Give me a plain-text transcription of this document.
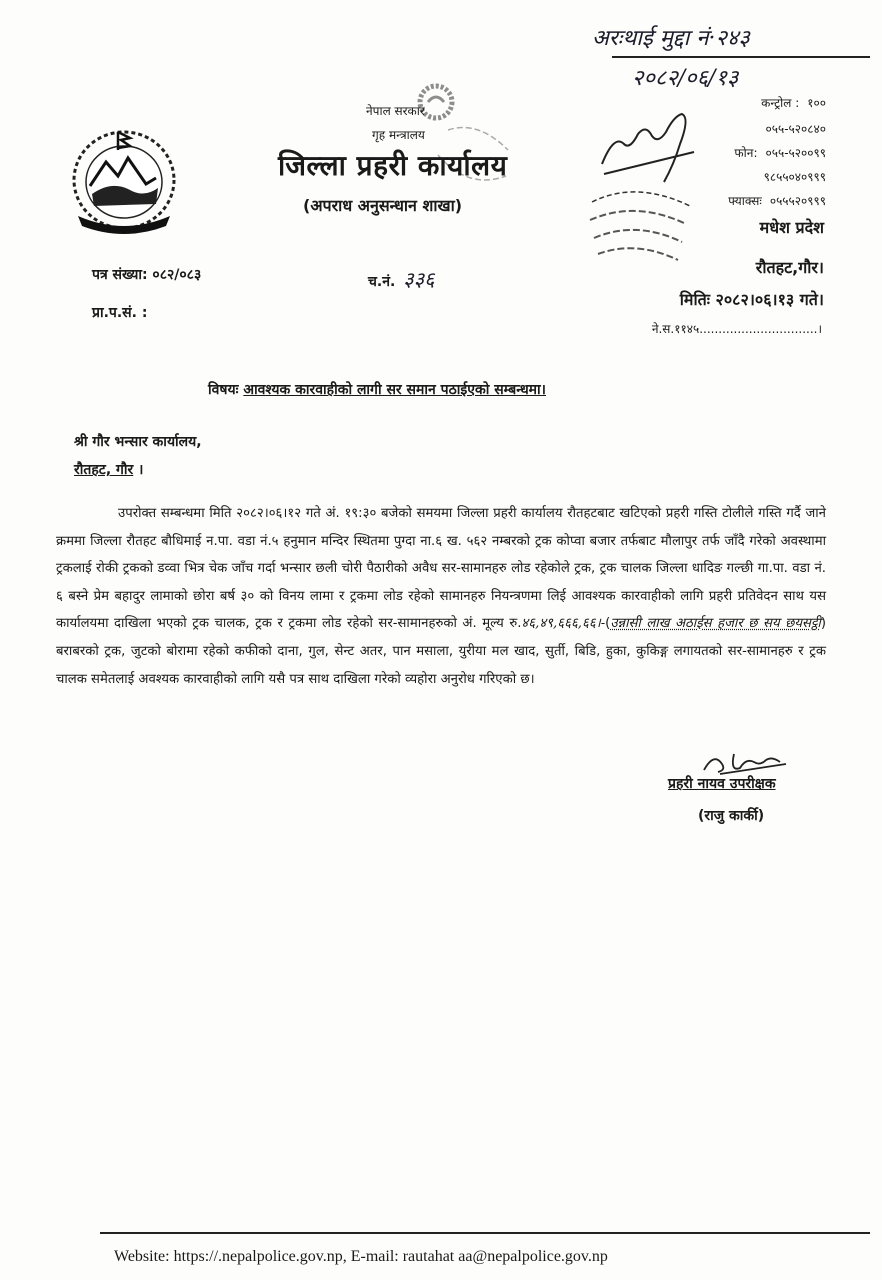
नेपाल सरकार
गृह मन्त्रालय
जिल्ला प्रहरी कार्यालय
(अपराध अनुसन्धान शाखा)
अरःथाई मुद्दा नं·२४३
२०८२/०६/१३
कन्ट्रोल : १००
०५५-५२०८४०
फोन: ०५५-५२००९९
९८५५०४०९९९
फ्याक्सः ०५५५२०९९९
मधेश प्रदेश
रौतहट,गौर।
मितिः २०८२।०६।१३ गते।
ने.स.११४५...............................।
पत्र संख्या: ०८२/०८३
प्रा.प.सं. :
च.नं. ३३६
विषयः आवश्यक कारवाहीको लागी सर समान पठाईएको सम्बन्धमा।
श्री गौर भन्सार कार्यालय,
रौतहट, गौर ।

उपरोक्त सम्बन्धमा मिति २०८२।०६।१२ गते अं. १९:३० बजेको समयमा जिल्ला प्रहरी कार्यालय रौतहटबाट खटिएको प्रहरी गस्ति टोलीले गस्ति गर्दै जाने क्रममा जिल्ला रौतहट बौधिमाई न.पा. वडा नं.५ हनुमान मन्दिर स्थितमा पुग्दा ना.६ ख. ५६२ नम्बरको ट्रक कोप्वा बजार तर्फबाट मौलापुर तर्फ जाँदै गरेको अवस्थामा ट्रकलाई रोकी ट्रकको डव्वा भित्र चेक जाँच गर्दा भन्सार छली चोरी पैठारीको अवैध सर-सामानहरु लोड रहेकोले ट्रक, ट्रक चालक जिल्ला धादिङ गल्छी गा.पा. वडा नं. ६ बस्ने प्रेम बहादुर लामाको छोरा बर्ष ३० को विनय लामा र ट्रकमा लोड रहेको सामानहरु नियन्त्रणमा लिई आवश्यक कारवाहीको लागि प्रहरी प्रतिवेदन साथ यस कार्यालयमा दाखिला भएको ट्रक चालक, ट्रक र ट्रकमा लोड रहेको सर-सामानहरुको अं. मूल्य रु.४६,४९,६६६,६६।-(उन्नासी लाख अठाईस हजार छ सय छयसट्ठी) बराबरको ट्रक, जुटको बोरामा रहेको कफीको दाना, गुल, सेन्ट अतर, पान मसाला, युरीया मल खाद, सुर्ती, बिडि, हुका, कुकिङ्ग लगायतको सर-सामानहरु र ट्रक चालक समेतलाई अवश्यक कारवाहीको लागि यसै पत्र साथ दाखिला गरेको व्यहोरा अनुरोध गरिएको छ।

प्रहरी नायव उपरीक्षक
(राजु कार्की)
Website: https://.nepalpolice.gov.np, E-mail: rautahat aa@nepalpolice.gov.np
